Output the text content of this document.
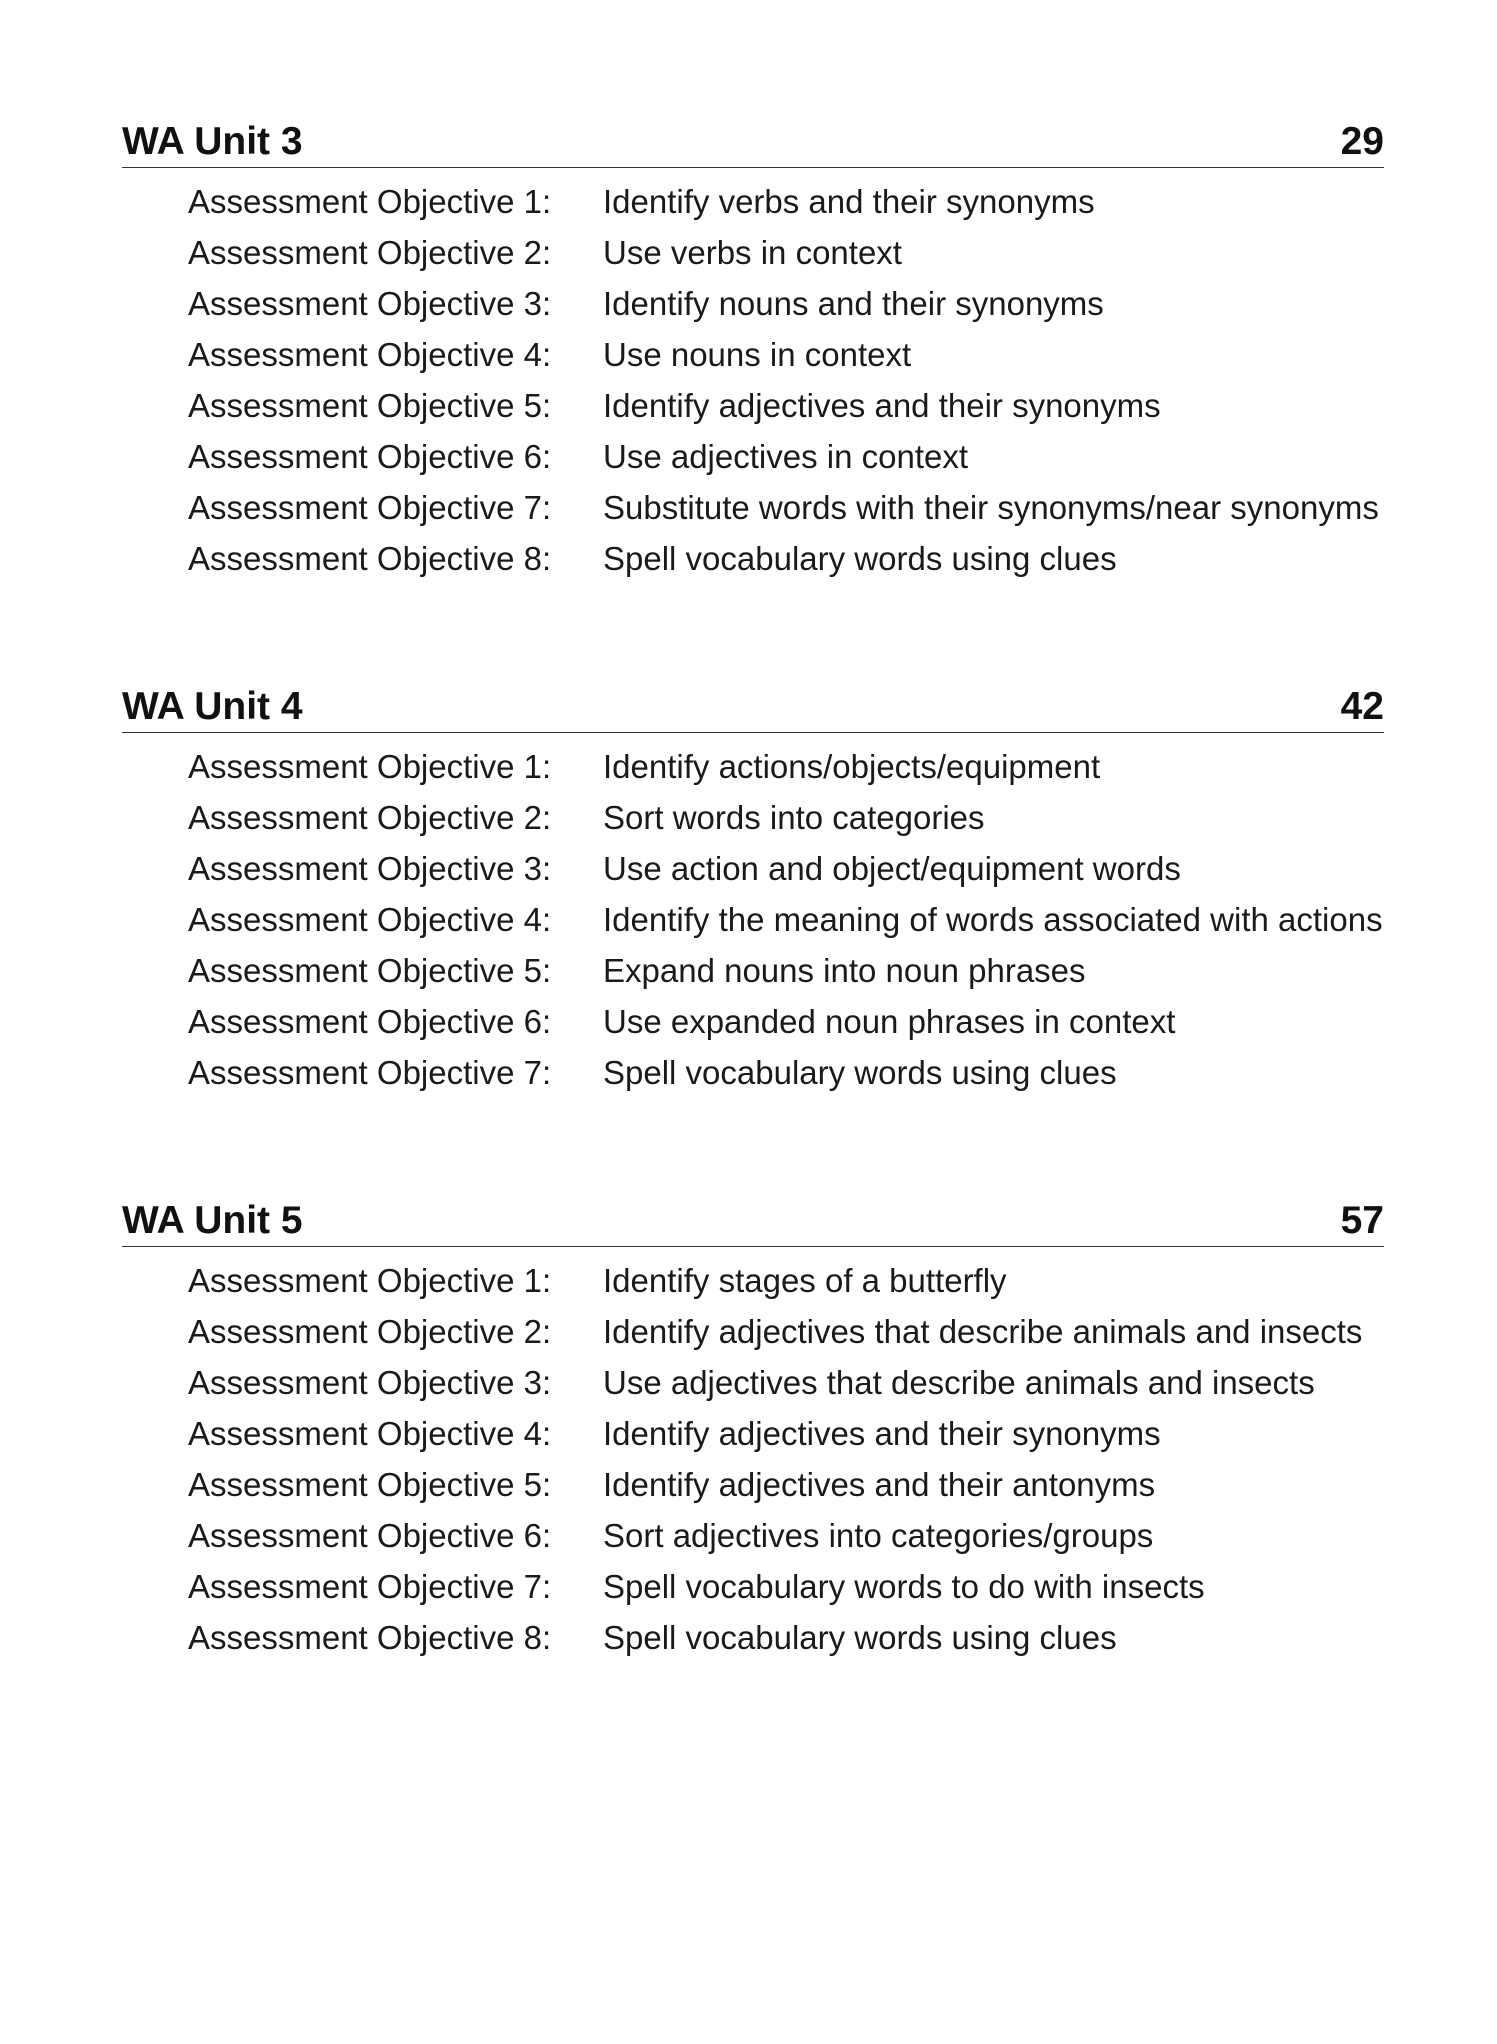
WA Unit 3	29
Assessment Objective 1:	Identify verbs and their synonyms
Assessment Objective 2:	Use verbs in context
Assessment Objective 3:	Identify nouns and their synonyms
Assessment Objective 4:	Use nouns in context
Assessment Objective 5:	Identify adjectives and their synonyms
Assessment Objective 6:	Use adjectives in context
Assessment Objective 7:	Substitute words with their synonyms/near synonyms
Assessment Objective 8:	Spell vocabulary words using clues
WA Unit 4	42
Assessment Objective 1:	Identify actions/objects/equipment
Assessment Objective 2:	Sort words into categories
Assessment Objective 3:	Use action and object/equipment words
Assessment Objective 4:	Identify the meaning of words associated with actions
Assessment Objective 5:	Expand nouns into noun phrases
Assessment Objective 6:	Use expanded noun phrases in context
Assessment Objective 7:	Spell vocabulary words using clues
WA Unit 5	57
Assessment Objective 1:	Identify stages of a butterfly
Assessment Objective 2:	Identify adjectives that describe animals and insects
Assessment Objective 3:	Use adjectives that describe animals and insects
Assessment Objective 4:	Identify adjectives and their synonyms
Assessment Objective 5:	Identify adjectives and their antonyms
Assessment Objective 6:	Sort adjectives into categories/groups
Assessment Objective 7:	Spell vocabulary words to do with insects
Assessment Objective 8:	Spell vocabulary words using clues
